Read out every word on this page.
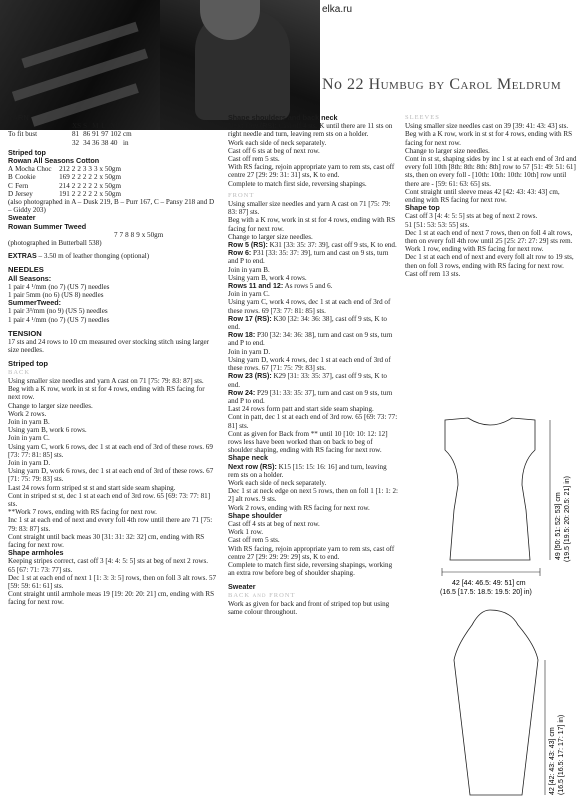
elka.ru
No 22 Humbug by Carol Meldrum

YARN

	XS	S	M	L	XL	
To fit bust	81	86	91	97	102	cm
	32	34	36	38	40	in

Striped top

Rowan All Seasons Cotton

A	Mocha Choc	212	2	2	3	3	3	x 50gm
B	Cookie	169	2	2	2	2	2	x 50gm
C	Fern	214	2	2	2	2	2	x 50gm
D	Jersey	191	2	2	2	2	2	x 50gm

(also photographed in A – Dusk 219, B – Purr 167, C – Pansy 218 and D – Giddy 203)

Sweater

Rowan Summer Tweed

	7	7	8	8	9	x 50gm

(photographed in Butterball 538)

EXTRAS – 3.50 m of leather thonging (optional)

NEEDLES

All Seasons:

1 pair 4 ¹/mm (no 7) (US 7) needles

1 pair 5mm (no 6) (US 8) needles

SummerTweed:

1 pair 3³/mm (no 9) (US 5) needles

1 pair 4 ¹/mm (no 7) (US 7) needles

TENSION

17 sts and 24 rows to 10 cm measured over stocking stitch using larger size needles.

Striped top

BACK

Using smaller size needles and yarn A cast on 71 [75: 79: 83: 87] sts.

Beg with a K row, work in st st for 4 rows, ending with RS facing for next row.

Change to larger size needles.

Work 2 rows.

Join in yarn B.

Using yarn B, work 6 rows.

Join in yarn C.

Using yarn C, work 6 rows, dec 1 st at each end of 3rd of these rows. 69 [73: 77: 81: 85] sts.

Join in yarn D.

Using yarn D, work 6 rows, dec 1 st at each end of 3rd of these rows. 67 [71: 75: 79: 83] sts.

Last 24 rows form striped st st and start side seam shaping.

Cont in striped st st, dec 1 st at each end of 3rd row. 65 [69: 73: 77: 81] sts.

**Work 7 rows, ending with RS facing for next row.

Inc 1 st at each end of next and every foll 4th row until there are 71 [75: 79: 83: 87] sts.

Cont straight until back meas 30 [31: 31: 32: 32] cm, ending with RS facing for next row.

Shape armholes

Keeping stripes correct, cast off 3 [4: 4: 5: 5] sts at beg of next 2 rows.

65 [67: 71: 73: 77] sts.

Dec 1 st at each end of next 1 [1: 3: 3: 5] rows, then on foll 3 alt rows. 57 [59: 59: 61: 61] sts.

Cont straight until armhole meas 19 [19: 20: 20: 21] cm, ending with RS facing for next row.

Shape shoulders and back neck

Next row (RS): Cast off 4 sts, K until there are 11 sts on right needle and turn, leaving rem sts on a holder.

Work each side of neck separately.

Cast off 6 sts at beg of next row.

Cast off rem 5 sts.

With RS facing, rejoin appropriate yarn to rem sts, cast off centre 27 [29: 29: 31: 31] sts, K to end.

Complete to match first side, reversing shapings.

FRONT

Using smaller size needles and yarn A cast on 71 [75: 79: 83: 87] sts.

Beg with a K row, work in st st for 4 rows, ending with RS facing for next row.

Change to larger size needles.

Row 5 (RS): K31 [33: 35: 37: 39], cast off 9 sts, K to end.

Row 6: P31 [33: 35: 37: 39], turn and cast on 9 sts, turn and P to end.

Join in yarn B.

Using yarn B, work 4 rows.

Rows 11 and 12: As rows 5 and 6.

Join in yarn C.

Using yarn C, work 4 rows, dec 1 st at each end of 3rd of these rows. 69 [73: 77: 81: 85] sts.

Row 17 (RS): K30 [32: 34: 36: 38], cast off 9 sts, K to end.

Row 18: P30 [32: 34: 36: 38], turn and cast on 9 sts, turn and P to end.

Join in yarn D.

Using yarn D, work 4 rows, dec 1 st at each end of 3rd of these rows. 67 [71: 75: 79: 83] sts.

Row 23 (RS): K29 [31: 33: 35: 37], cast off 9 sts, K to end.

Row 24: P29 [31: 33: 35: 37], turn and cast on 9 sts, turn and P to end.

Last 24 rows form patt and start side seam shaping.

Cont in patt, dec 1 st at each end of 3rd row. 65 [69: 73: 77: 81] sts.

Cont as given for Back from ** until 10 [10: 10: 12: 12] rows less have been worked than on back to beg of shoulder shaping, ending with RS facing for next row.

Shape neck

Next row (RS): K15 [15: 15: 16: 16] and turn, leaving rem sts on a holder.

Work each side of neck separately.

Dec 1 st at neck edge on next 5 rows, then on foll 1 [1: 1: 2: 2] alt rows. 9 sts.

Work 2 rows, ending with RS facing for next row.

Shape shoulder

Cast off 4 sts at beg of next row.

Work 1 row.

Cast off rem 5 sts.

With RS facing, rejoin appropriate yarn to rem sts, cast off centre 27 [29: 29: 29: 29] sts, K to end.

Complete to match first side, reversing shapings, working an extra row before beg of shoulder shaping.

Sweater

BACK and FRONT

Work as given for back and front of striped top but using same colour throughout.

SLEEVES

Using smaller size needles cast on 39 [39: 41: 43: 43] sts.

Beg with a K row, work in st st for 4 rows, ending with RS facing for next row.

Change to larger size needles.

Cont in st st, shaping sides by inc 1 st at each end of 3rd and every foll 10th [8th: 8th: 8th: 8th] row to 57 [51: 49: 51: 61] sts, then on every foll - [10th: 10th: 10th: 10th] row until there are - [59: 61: 63: 65] sts.

Cont straight until sleeve meas 42 [42: 43: 43: 43] cm, ending with RS facing for next row.

Shape top

Cast off 3 [4: 4: 5: 5] sts at beg of next 2 rows.

51 [51: 53: 53: 55] sts.

Dec 1 st at each end of next 7 rows, then on foll 4 alt rows, then on every foll 4th row until 25 [25: 27: 27: 29] sts rem.

Work 1 row, ending with RS facing for next row.

Dec 1 st at each end of next and every foll alt row to 19 sts, then on foll 3 rows, ending with RS facing for next row.

Cast off rem 13 sts.

42 [44: 46.5: 49: 51] cm
(16.5 [17.5: 18.5: 19.5: 20] in)
49 [50: 51: 52: 53] cm (19.5 [19.5: 20: 20.5: 21] in)
42 [42: 43: 43: 43] cm (16.5 [16.5: 17: 17: 17] in)
